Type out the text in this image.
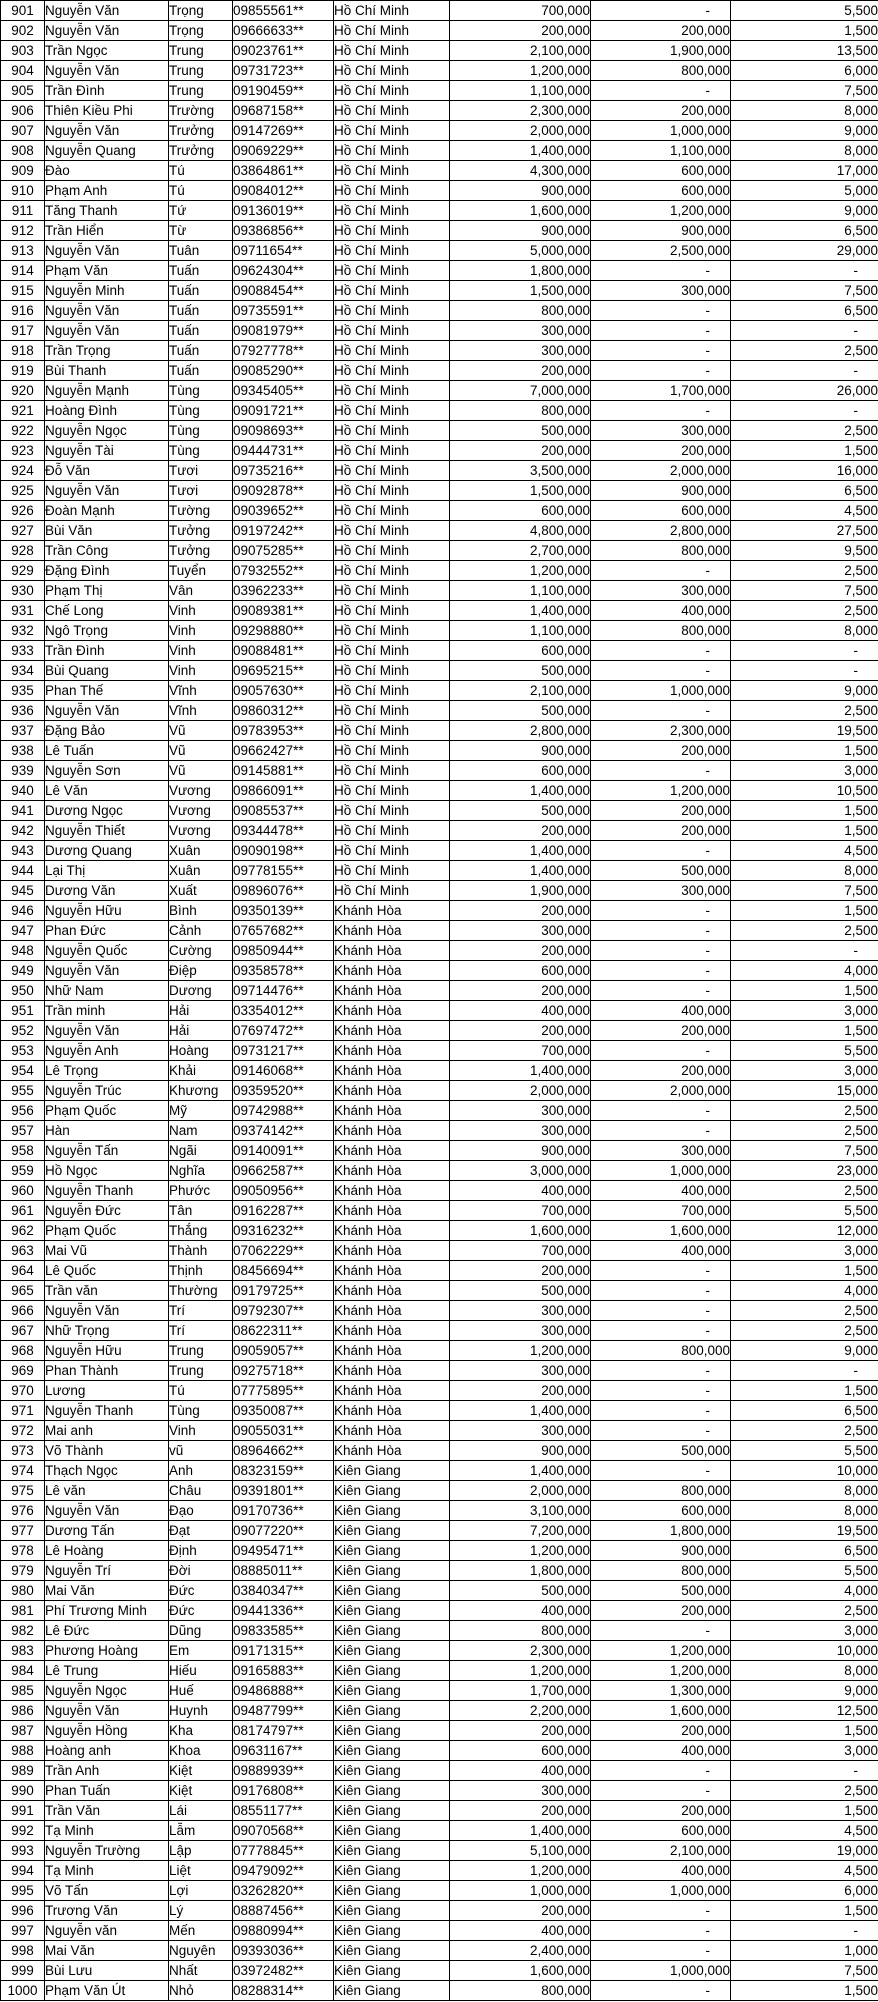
901	Nguyễn Văn	Trọng	09855561**	Hồ Chí Minh	700,000	-	5,500
902	Nguyễn Văn	Trọng	09666633**	Hồ Chí Minh	200,000	200,000	1,500
903	Trần Ngọc	Trung	09023761**	Hồ Chí Minh	2,100,000	1,900,000	13,500
904	Nguyễn Văn	Trung	09731723**	Hồ Chí Minh	1,200,000	800,000	6,000
905	Trần Đình	Trung	09190459**	Hồ Chí Minh	1,100,000	-	7,500
906	Thiên Kiều Phi	Trường	09687158**	Hồ Chí Minh	2,300,000	200,000	8,000
907	Nguyễn Văn	Trưởng	09147269**	Hồ Chí Minh	2,000,000	1,000,000	9,000
908	Nguyễn Quang	Trưởng	09069229**	Hồ Chí Minh	1,400,000	1,100,000	8,000
909	Đào	Tú	03864861**	Hồ Chí Minh	4,300,000	600,000	17,000
910	Phạm Anh	Tú	09084012**	Hồ Chí Minh	900,000	600,000	5,000
911	Tăng Thanh	Tứ	09136019**	Hồ Chí Minh	1,600,000	1,200,000	9,000
912	Trần Hiển	Từ	09386856**	Hồ Chí Minh	900,000	900,000	6,500
913	Nguyễn Văn	Tuân	09711654**	Hồ Chí Minh	5,000,000	2,500,000	29,000
914	Phạm Văn	Tuấn	09624304**	Hồ Chí Minh	1,800,000	-	-
915	Nguyễn Minh	Tuấn	09088454**	Hồ Chí Minh	1,500,000	300,000	7,500
916	Nguyễn Văn	Tuấn	09735591**	Hồ Chí Minh	800,000	-	6,500
917	Nguyễn Văn	Tuấn	09081979**	Hồ Chí Minh	300,000	-	-
918	Trần Trọng	Tuấn	07927778**	Hồ Chí Minh	300,000	-	2,500
919	Bùi Thanh	Tuấn	09085290**	Hồ Chí Minh	200,000	-	-
920	Nguyễn Mạnh	Tùng	09345405**	Hồ Chí Minh	7,000,000	1,700,000	26,000
921	Hoàng Đình	Tùng	09091721**	Hồ Chí Minh	800,000	-	-
922	Nguyễn Ngọc	Tùng	09098693**	Hồ Chí Minh	500,000	300,000	2,500
923	Nguyễn Tài	Tùng	09444731**	Hồ Chí Minh	200,000	200,000	1,500
924	Đỗ Văn	Tươi	09735216**	Hồ Chí Minh	3,500,000	2,000,000	16,000
925	Nguyễn Văn	Tươi	09092878**	Hồ Chí Minh	1,500,000	900,000	6,500
926	Đoàn Mạnh	Tường	09039652**	Hồ Chí Minh	600,000	600,000	4,500
927	Bùi Văn	Tưởng	09197242**	Hồ Chí Minh	4,800,000	2,800,000	27,500
928	Trần Công	Tưởng	09075285**	Hồ Chí Minh	2,700,000	800,000	9,500
929	Đặng Đình	Tuyển	07932552**	Hồ Chí Minh	1,200,000	-	2,500
930	Phạm Thị	Vân	03962233**	Hồ Chí Minh	1,100,000	300,000	7,500
931	Chế Long	Vinh	09089381**	Hồ Chí Minh	1,400,000	400,000	2,500
932	Ngô Trọng	Vinh	09298880**	Hồ Chí Minh	1,100,000	800,000	8,000
933	Trần Đình	Vinh	09088481**	Hồ Chí Minh	600,000	-	-
934	Bùi Quang	Vinh	09695215**	Hồ Chí Minh	500,000	-	-
935	Phan Thế	Vĩnh	09057630**	Hồ Chí Minh	2,100,000	1,000,000	9,000
936	Nguyễn Văn	Vĩnh	09860312**	Hồ Chí Minh	500,000	-	2,500
937	Đặng Bảo	Vũ	09783953**	Hồ Chí Minh	2,800,000	2,300,000	19,500
938	Lê Tuấn	Vũ	09662427**	Hồ Chí Minh	900,000	200,000	1,500
939	Nguyễn Sơn	Vũ	09145881**	Hồ Chí Minh	600,000	-	3,000
940	Lê Văn	Vương	09866091**	Hồ Chí Minh	1,400,000	1,200,000	10,500
941	Dương Ngọc	Vương	09085537**	Hồ Chí Minh	500,000	200,000	1,500
942	Nguyễn Thiết	Vương	09344478**	Hồ Chí Minh	200,000	200,000	1,500
943	Dương Quang	Xuân	09090198**	Hồ Chí Minh	1,400,000	-	4,500
944	Lại Thị	Xuân	09778155**	Hồ Chí Minh	1,400,000	500,000	8,000
945	Dương Văn	Xuất	09896076**	Hồ Chí Minh	1,900,000	300,000	7,500
946	Nguyễn Hữu	Bình	09350139**	Khánh Hòa	200,000	-	1,500
947	Phan Đức	Cảnh	07657682**	Khánh Hòa	300,000	-	2,500
948	Nguyễn Quốc	Cường	09850944**	Khánh Hòa	200,000	-	-
949	Nguyễn Văn	Điệp	09358578**	Khánh Hòa	600,000	-	4,000
950	Nhữ Nam	Dương	09714476**	Khánh Hòa	200,000	-	1,500
951	Trần minh	Hải	03354012**	Khánh Hòa	400,000	400,000	3,000
952	Nguyễn Văn	Hải	07697472**	Khánh Hòa	200,000	200,000	1,500
953	Nguyễn Anh	Hoàng	09731217**	Khánh Hòa	700,000	-	5,500
954	Lê Trọng	Khải	09146068**	Khánh Hòa	1,400,000	200,000	3,000
955	Nguyễn Trúc	Khương	09359520**	Khánh Hòa	2,000,000	2,000,000	15,000
956	Phạm Quốc	Mỹ	09742988**	Khánh Hòa	300,000	-	2,500
957	Hàn	Nam	09374142**	Khánh Hòa	300,000	-	2,500
958	Nguyễn Tấn	Ngãi	09140091**	Khánh Hòa	900,000	300,000	7,500
959	Hồ Ngọc	Nghĩa	09662587**	Khánh Hòa	3,000,000	1,000,000	23,000
960	Nguyễn Thanh	Phước	09050956**	Khánh Hòa	400,000	400,000	2,500
961	Nguyễn Đức	Tân	09162287**	Khánh Hòa	700,000	700,000	5,500
962	Phạm Quốc	Thắng	09316232**	Khánh Hòa	1,600,000	1,600,000	12,000
963	Mai Vũ	Thành	07062229**	Khánh Hòa	700,000	400,000	3,000
964	Lê Quốc	Thịnh	08456694**	Khánh Hòa	200,000	-	1,500
965	Trần văn	Thường	09179725**	Khánh Hòa	500,000	-	4,000
966	Nguyễn Văn	Trí	09792307**	Khánh Hòa	300,000	-	2,500
967	Nhữ Trọng	Trí	08622311**	Khánh Hòa	300,000	-	2,500
968	Nguyễn Hữu	Trung	09059057**	Khánh Hòa	1,200,000	800,000	9,000
969	Phan Thành	Trung	09275718**	Khánh Hòa	300,000	-	-
970	Lương	Tú	07775895**	Khánh Hòa	200,000	-	1,500
971	Nguyễn Thanh	Tùng	09350087**	Khánh Hòa	1,400,000	-	6,500
972	Mai anh	Vinh	09055031**	Khánh Hòa	300,000	-	2,500
973	Võ Thành	vũ	08964662**	Khánh Hòa	900,000	500,000	5,500
974	Thạch Ngọc	Anh	08323159**	Kiên Giang	1,400,000	-	10,000
975	Lê văn	Châu	09391801**	Kiên Giang	2,000,000	800,000	8,000
976	Nguyễn Văn	Đạo	09170736**	Kiên Giang	3,100,000	600,000	8,000
977	Dương Tấn	Đạt	09077220**	Kiên Giang	7,200,000	1,800,000	19,500
978	Lê Hoàng	Định	09495471**	Kiên Giang	1,200,000	900,000	6,500
979	Nguyễn Trí	Đời	08885011**	Kiên Giang	1,800,000	800,000	5,500
980	Mai Văn	Đức	03840347**	Kiên Giang	500,000	500,000	4,000
981	Phí Trương Minh	Đức	09441336**	Kiên Giang	400,000	200,000	2,500
982	Lê Đức	Dũng	09833585**	Kiên Giang	800,000	-	3,000
983	Phương Hoàng	Em	09171315**	Kiên Giang	2,300,000	1,200,000	10,000
984	Lê Trung	Hiếu	09165883**	Kiên Giang	1,200,000	1,200,000	8,000
985	Nguyễn Ngọc	Huế	09486888**	Kiên Giang	1,700,000	1,300,000	9,000
986	Nguyễn Văn	Huynh	09487799**	Kiên Giang	2,200,000	1,600,000	12,500
987	Nguyễn Hồng	Kha	08174797**	Kiên Giang	200,000	200,000	1,500
988	Hoàng anh	Khoa	09631167**	Kiên Giang	600,000	400,000	3,000
989	Trần Anh	Kiệt	09889939**	Kiên Giang	400,000	-	-
990	Phan Tuấn	Kiệt	09176808**	Kiên Giang	300,000	-	2,500
991	Trần Văn	Lái	08551177**	Kiên Giang	200,000	200,000	1,500
992	Tạ Minh	Lẫm	09070568**	Kiên Giang	1,400,000	600,000	4,500
993	Nguyễn Trường	Lập	07778845**	Kiên Giang	5,100,000	2,100,000	19,000
994	Tạ Minh	Liệt	09479092**	Kiên Giang	1,200,000	400,000	4,500
995	Võ Tấn	Lợi	03262820**	Kiên Giang	1,000,000	1,000,000	6,000
996	Trương Văn	Lý	08887456**	Kiên Giang	200,000	-	1,500
997	Nguyễn văn	Mến	09880994**	Kiên Giang	400,000	-	-
998	Mai Văn	Nguyên	09393036**	Kiên Giang	2,400,000	-	1,000
999	Bùi Lưu	Nhất	03972482**	Kiên Giang	1,600,000	1,000,000	7,500
1000	Phạm Văn Út	Nhỏ	08288314**	Kiên Giang	800,000	-	1,500
